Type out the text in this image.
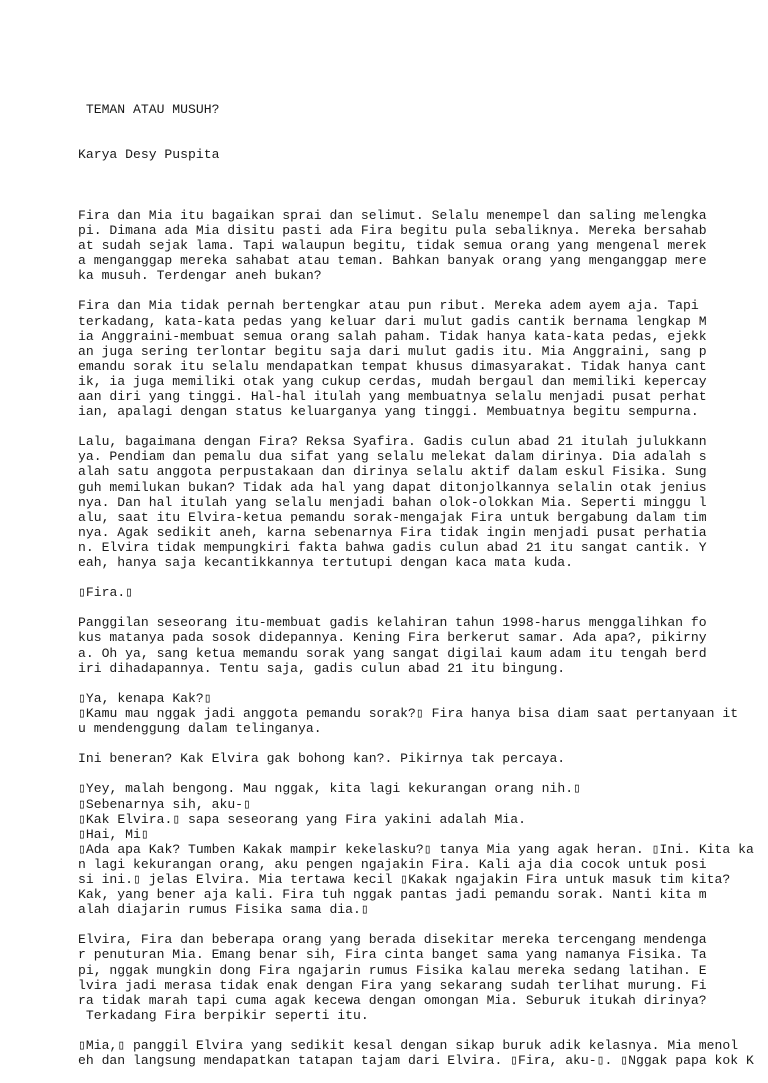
TEMAN ATAU MUSUH?

Karya Desy Puspita

Fira dan Mia itu bagaikan sprai dan selimut. Selalu menempel dan saling melengka
pi. Dimana ada Mia disitu pasti ada Fira begitu pula sebaliknya. Mereka bersahab
at sudah sejak lama. Tapi walaupun begitu, tidak semua orang yang mengenal merek
a menganggap mereka sahabat atau teman. Bahkan banyak orang yang menganggap mere
ka musuh. Terdengar aneh bukan?
Fira dan Mia tidak pernah bertengkar atau pun ribut. Mereka adem ayem aja. Tapi
terkadang, kata-kata pedas yang keluar dari mulut gadis cantik bernama lengkap M
ia Anggraini-membuat semua orang salah paham. Tidak hanya kata-kata pedas, ejekk
an juga sering terlontar begitu saja dari mulut gadis itu. Mia Anggraini, sang p
emandu sorak itu selalu mendapatkan tempat khusus dimasyarakat. Tidak hanya cant
ik, ia juga memiliki otak yang cukup cerdas, mudah bergaul dan memiliki kepercay
aan diri yang tinggi. Hal-hal itulah yang membuatnya selalu menjadi pusat perhat
ian, apalagi dengan status keluarganya yang tinggi. Membuatnya begitu sempurna.
Lalu, bagaimana dengan Fira? Reksa Syafira. Gadis culun abad 21 itulah julukkann
ya. Pendiam dan pemalu dua sifat yang selalu melekat dalam dirinya. Dia adalah s
alah satu anggota perpustakaan dan dirinya selalu aktif dalam eskul Fisika. Sung
guh memilukan bukan? Tidak ada hal yang dapat ditonjolkannya selalin otak jenius
nya. Dan hal itulah yang selalu menjadi bahan olok-olokkan Mia. Seperti minggu l
alu, saat itu Elvira-ketua pemandu sorak-mengajak Fira untuk bergabung dalam tim
nya. Agak sedikit aneh, karna sebenarnya Fira tidak ingin menjadi pusat perhatia
n. Elvira tidak mempungkiri fakta bahwa gadis culun abad 21 itu sangat cantik. Y
eah, hanya saja kecantikkannya tertutupi dengan kaca mata kuda.
▯Fira.▯
Panggilan seseorang itu-membuat gadis kelahiran tahun 1998-harus menggalihkan fo
kus matanya pada sosok didepannya. Kening Fira berkerut samar. Ada apa?, pikirny
a. Oh ya, sang ketua memandu sorak yang sangat digilai kaum adam itu tengah berd
iri dihadapannya. Tentu saja, gadis culun abad 21 itu bingung.
▯Ya, kenapa Kak?▯
▯Kamu mau nggak jadi anggota pemandu sorak?▯ Fira hanya bisa diam saat pertanyaan it
u mendenggung dalam telinganya.
Ini beneran? Kak Elvira gak bohong kan?. Pikirnya tak percaya.
▯Yey, malah bengong. Mau nggak, kita lagi kekurangan orang nih.▯
▯Sebenarnya sih, aku-▯
▯Kak Elvira.▯ sapa seseorang yang Fira yakini adalah Mia.
▯Hai, Mi▯
▯Ada apa Kak? Tumben Kakak mampir kekelasku?▯ tanya Mia yang agak heran. ▯Ini. Kita ka
n lagi kekurangan orang, aku pengen ngajakin Fira. Kali aja dia cocok untuk posi
si ini.▯ jelas Elvira. Mia tertawa kecil ▯Kakak ngajakin Fira untuk masuk tim kita?
Kak, yang bener aja kali. Fira tuh nggak pantas jadi pemandu sorak. Nanti kita m
alah diajarin rumus Fisika sama dia.▯
Elvira, Fira dan beberapa orang yang berada disekitar mereka tercengang mendenga
r penuturan Mia. Emang benar sih, Fira cinta banget sama yang namanya Fisika. Ta
pi, nggak mungkin dong Fira ngajarin rumus Fisika kalau mereka sedang latihan. E
lvira jadi merasa tidak enak dengan Fira yang sekarang sudah terlihat murung. Fi
ra tidak marah tapi cuma agak kecewa dengan omongan Mia. Seburuk itukah dirinya?
Terkadang Fira berpikir seperti itu.
▯Mia,▯ panggil Elvira yang sedikit kesal dengan sikap buruk adik kelasnya. Mia menol
eh dan langsung mendapatkan tatapan tajam dari Elvira. ▯Fira, aku-▯. ▯Nggak papa kok K
